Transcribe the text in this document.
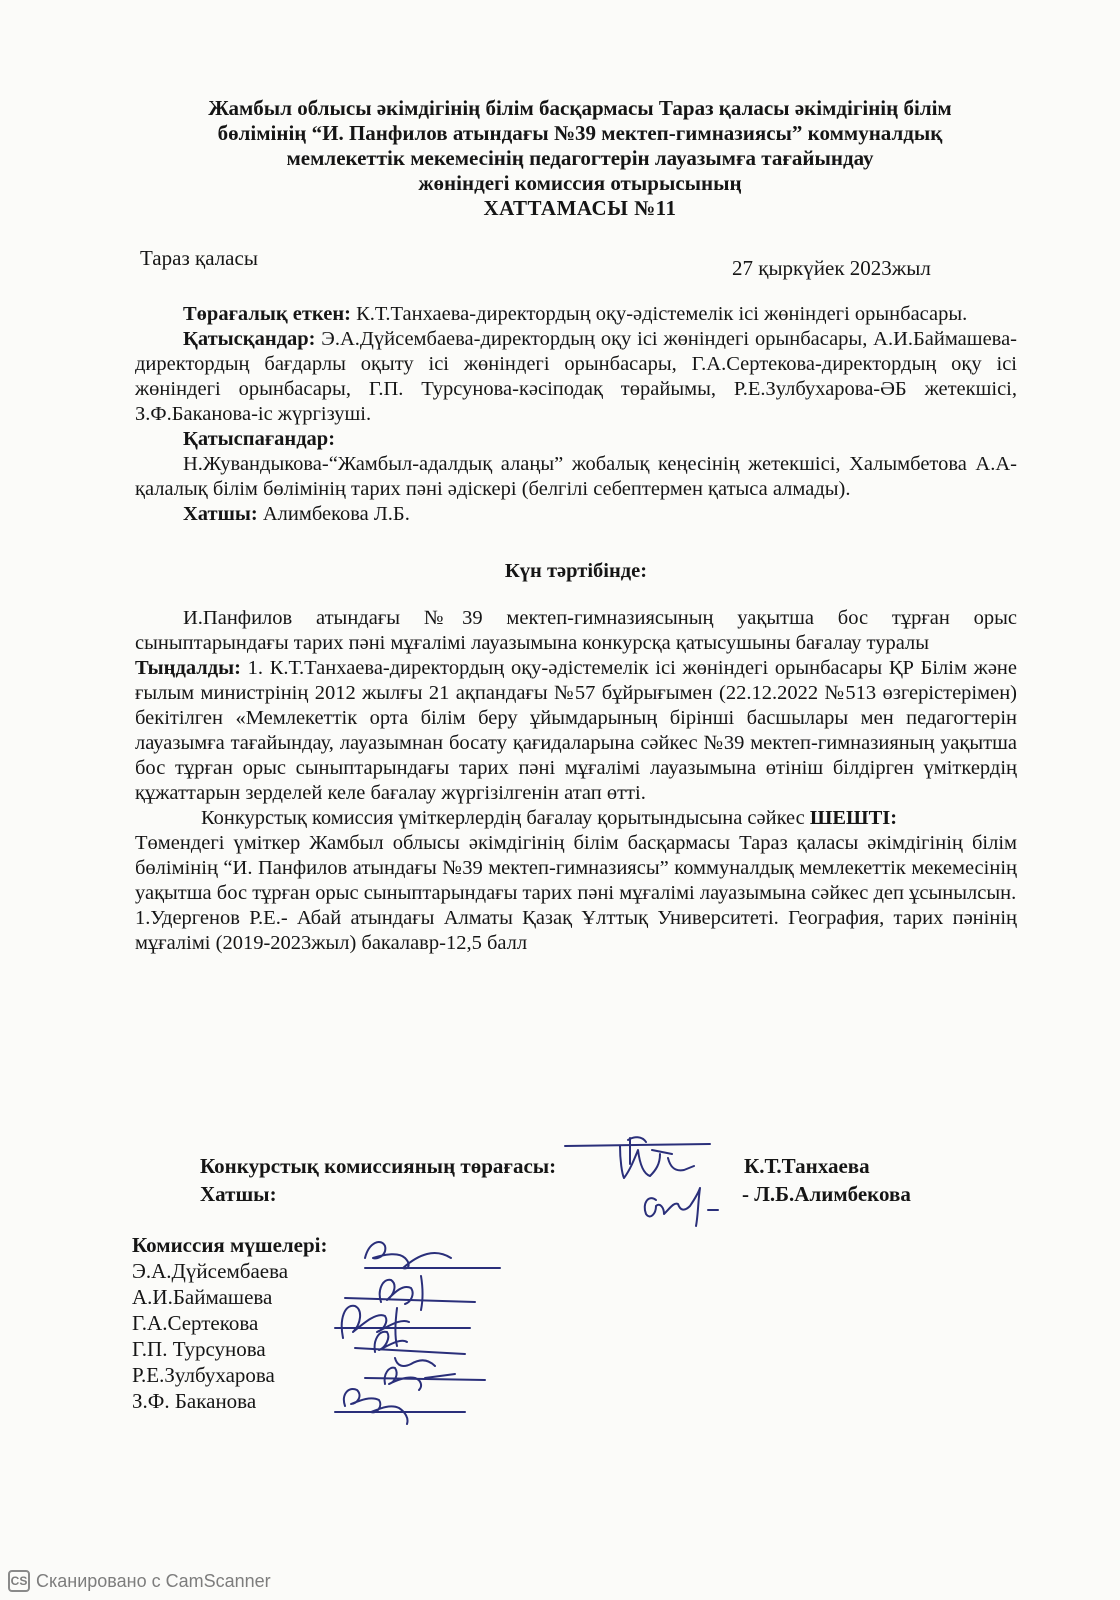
Жамбыл облысы әкімдігінің білім басқармасы Тараз қаласы әкімдігінің білім
бөлімінің “И. Панфилов атындағы №39 мектеп-гимназиясы” коммуналдық
мемлекеттік мекемесінің педагогтерін лауазымға тағайындау
жөніндегі комиссия отырысының
ХАТТАМАСЫ №11
Тараз қаласы	27 қыркүйек 2023жыл

Төрағалық еткен: К.Т.Танхаева-директордың оқу-әдістемелік ісі жөніндегі орынбасары.

Қатысқандар: Э.А.Дүйсембаева-директордың оқу ісі жөніндегі орынбасары, А.И.Баймашева-директордың бағдарлы оқыту ісі жөніндегі орынбасары, Г.А.Сертекова-директордың оқу ісі жөніндегі орынбасары, Г.П. Турсунова-кәсіподақ төрайымы, Р.Е.Зулбухарова-ӘБ жетекшісі, З.Ф.Баканова-іс жүргізуші.

Қатыспағандар:

Н.Жувандыкова-“Жамбыл-адалдық алаңы” жобалық кеңесінің жетекшісі, Халымбетова А.А- қалалық білім бөлімінің тарих пәні әдіскері (белгілі себептермен қатыса алмады).

Хатшы: Алимбекова Л.Б.

Күн тәртібінде:

И.Панфилов атындағы №39 мектеп-гимназиясының уақытша бос тұрған орыс сыныптарындағы тарих пәні мұғалімі лауазымына конкурсқа қатысушыны бағалау туралы

Тыңдалды: 1. К.Т.Танхаева-директордың оқу-әдістемелік ісі жөніндегі орынбасары ҚР Білім және ғылым министрінің 2012 жылғы 21 ақпандағы №57 бұйрығымен (22.12.2022 №513 өзгерістерімен) бекітілген «Мемлекеттік орта білім беру ұйымдарының бірінші басшылары мен педагогтерін лауазымға тағайындау, лауазымнан босату қағидаларына сәйкес №39 мектеп-гимназияның уақытша бос тұрған орыс сыныптарындағы тарих пәні мұғалімі лауазымына өтініш білдірген үміткердің құжаттарын зерделей келе бағалау жүргізілгенін атап өтті.

Конкурстық комиссия үміткерлердің бағалау қорытындысына сәйкес ШЕШТІ:

Төмендегі үміткер Жамбыл облысы әкімдігінің білім басқармасы Тараз қаласы әкімдігінің білім бөлімінің “И. Панфилов атындағы №39 мектеп-гимназиясы” коммуналдық мемлекеттік мекемесінің уақытша бос тұрған орыс сыныптарындағы тарих пәні мұғалімі лауазымына сәйкес деп ұсынылсын.

1.Удергенов Р.Е.- Абай атындағы Алматы Қазақ Ұлттық Университеті. География, тарих пәнінің мұғалімі (2019-2023жыл) бакалавр-12,5 балл

Конкурстық комиссияның төрағасы:
Хатшы:
К.Т.Танхаева
- Л.Б.Алимбекова
Комиссия мүшелері:
Э.А.Дүйсембаева
А.И.Баймашева
Г.А.Сертекова
Г.П. Турсунова
Р.Е.Зулбухарова
З.Ф. Баканова
CS Сканировано с CamScanner
